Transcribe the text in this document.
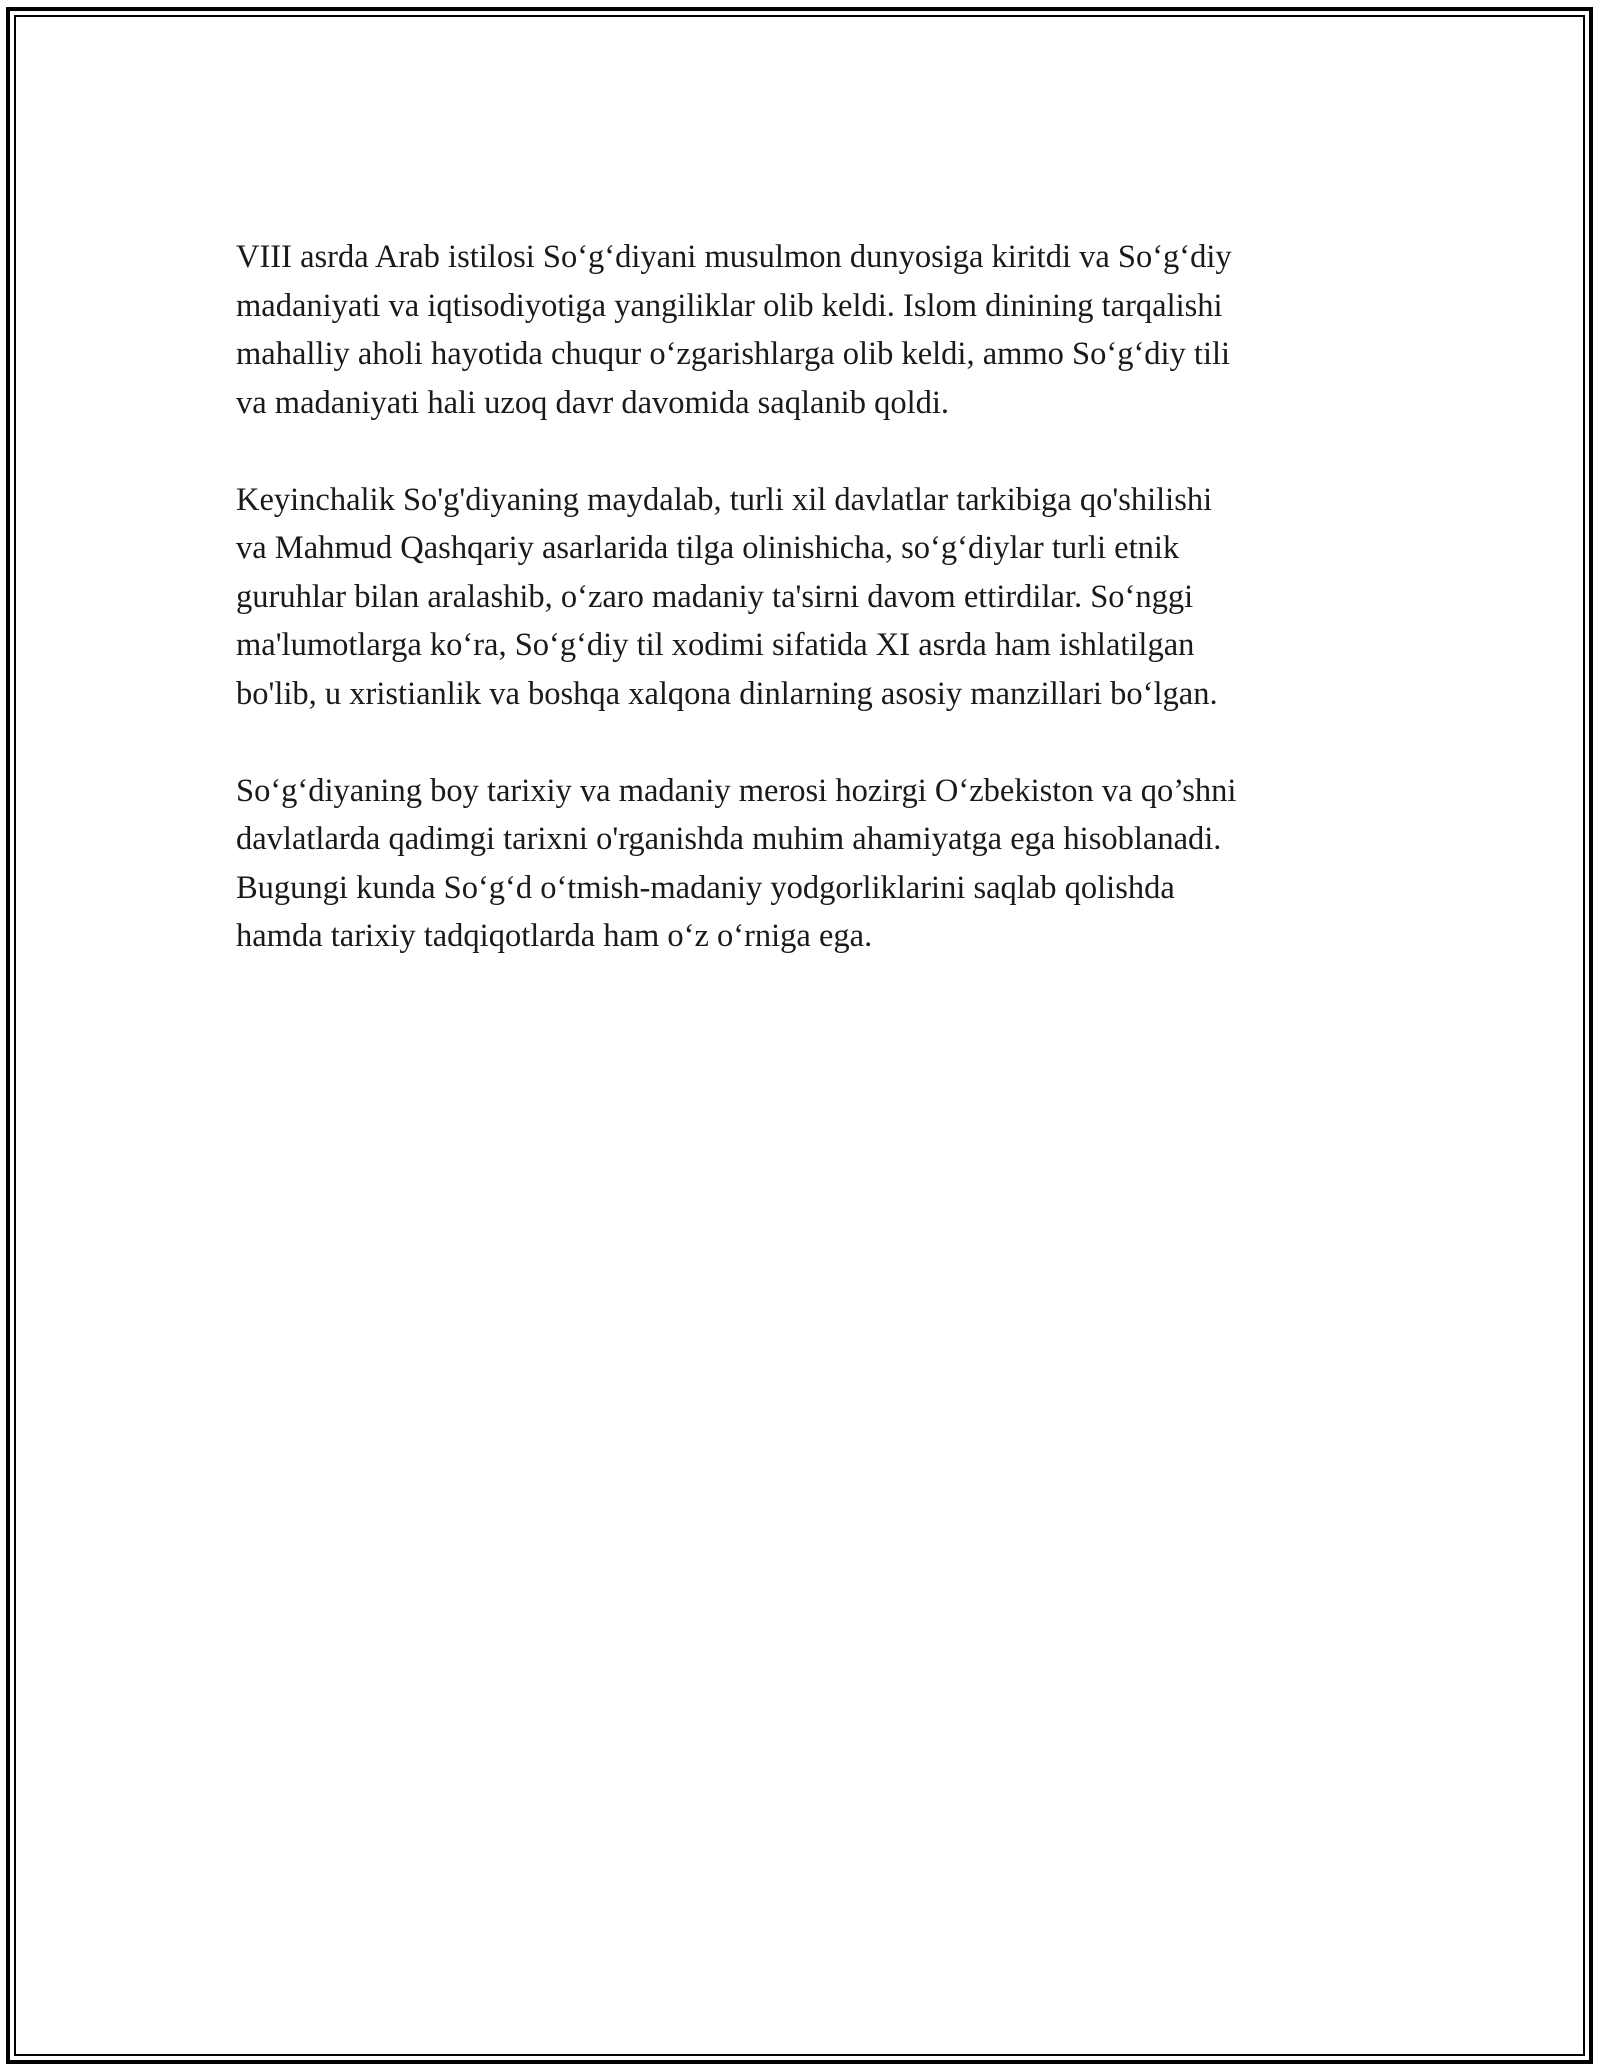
VIII asrda Arab istilosi So‘g‘diyani musulmon dunyosiga kiritdi va So‘g‘diy
madaniyati va iqtisodiyotiga yangiliklar olib keldi. Islom dinining tarqalishi
mahalliy aholi hayotida chuqur o‘zgarishlarga olib keldi, ammo So‘g‘diy tili
va madaniyati hali uzoq davr davomida saqlanib qoldi.

Keyinchalik So'g'diyaning maydalab, turli xil davlatlar tarkibiga qo'shilishi
va Mahmud Qashqariy asarlarida tilga olinishicha, so‘g‘diylar turli etnik
guruhlar bilan aralashib, o‘zaro madaniy ta'sirni davom ettirdilar. So‘nggi
ma'lumotlarga ko‘ra, So‘g‘diy til xodimi sifatida XI asrda ham ishlatilgan
bo'lib, u xristianlik va boshqa xalqona dinlarning asosiy manzillari bo‘lgan.

So‘g‘diyaning boy tarixiy va madaniy merosi hozirgi O‘zbekiston va qo’shni
davlatlarda qadimgi tarixni o'rganishda muhim ahamiyatga ega hisoblanadi.
Bugungi kunda So‘g‘d o‘tmish-madaniy yodgorliklarini saqlab qolishda
hamda tarixiy tadqiqotlarda ham o‘z o‘rniga ega.
